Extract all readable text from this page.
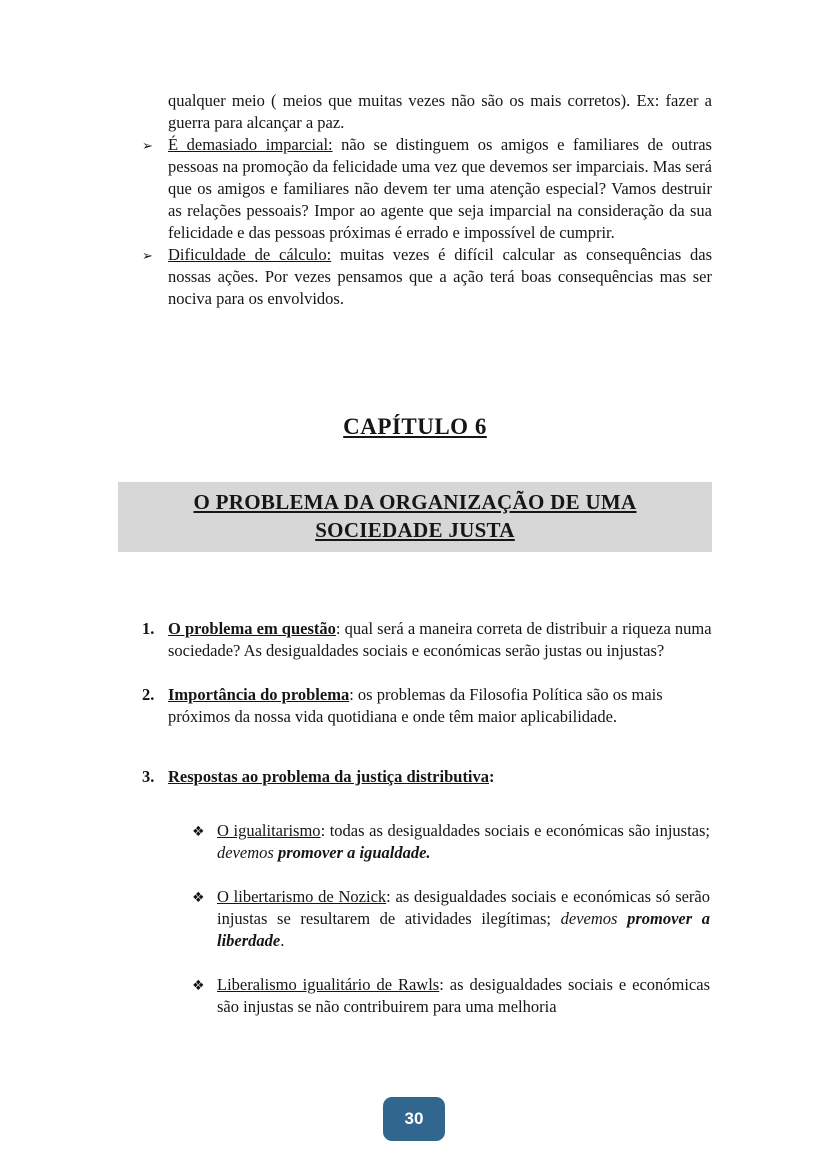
qualquer meio ( meios que muitas vezes não são os mais corretos). Ex: fazer a guerra para alcançar a paz.

➢ É demasiado imparcial: não se distinguem os amigos e familiares de outras pessoas na promoção da felicidade uma vez que devemos ser imparciais. Mas será que os amigos e familiares não devem ter uma atenção especial? Vamos destruir as relações pessoais? Impor ao agente que seja imparcial na consideração da sua felicidade e das pessoas próximas é errado e impossível de cumprir.
➢ Dificuldade de cálculo: muitas vezes é difícil calcular as consequências das nossas ações. Por vezes pensamos que a ação terá boas consequências mas ser nociva para os envolvidos.
CAPÍTULO 6
O PROBLEMA DA ORGANIZAÇÃO DE UMA
SOCIEDADE JUSTA
1. O problema em questão: qual será a maneira correta de distribuir a riqueza numa sociedade? As desigualdades sociais e económicas serão justas ou injustas?
2. Importância do problema: os problemas da Filosofia Política são os mais próximos da nossa vida quotidiana e onde têm maior aplicabilidade.
3. Respostas ao problema da justiça distributiva:
❖ O igualitarismo: todas as desigualdades sociais e económicas são injustas; devemos promover a igualdade.
❖ O libertarismo de Nozick: as desigualdades sociais e económicas só serão injustas se resultarem de atividades ilegítimas; devemos promover a liberdade.
❖ Liberalismo igualitário de Rawls: as desigualdades sociais e económicas são injustas se não contribuirem para uma melhoria
30
